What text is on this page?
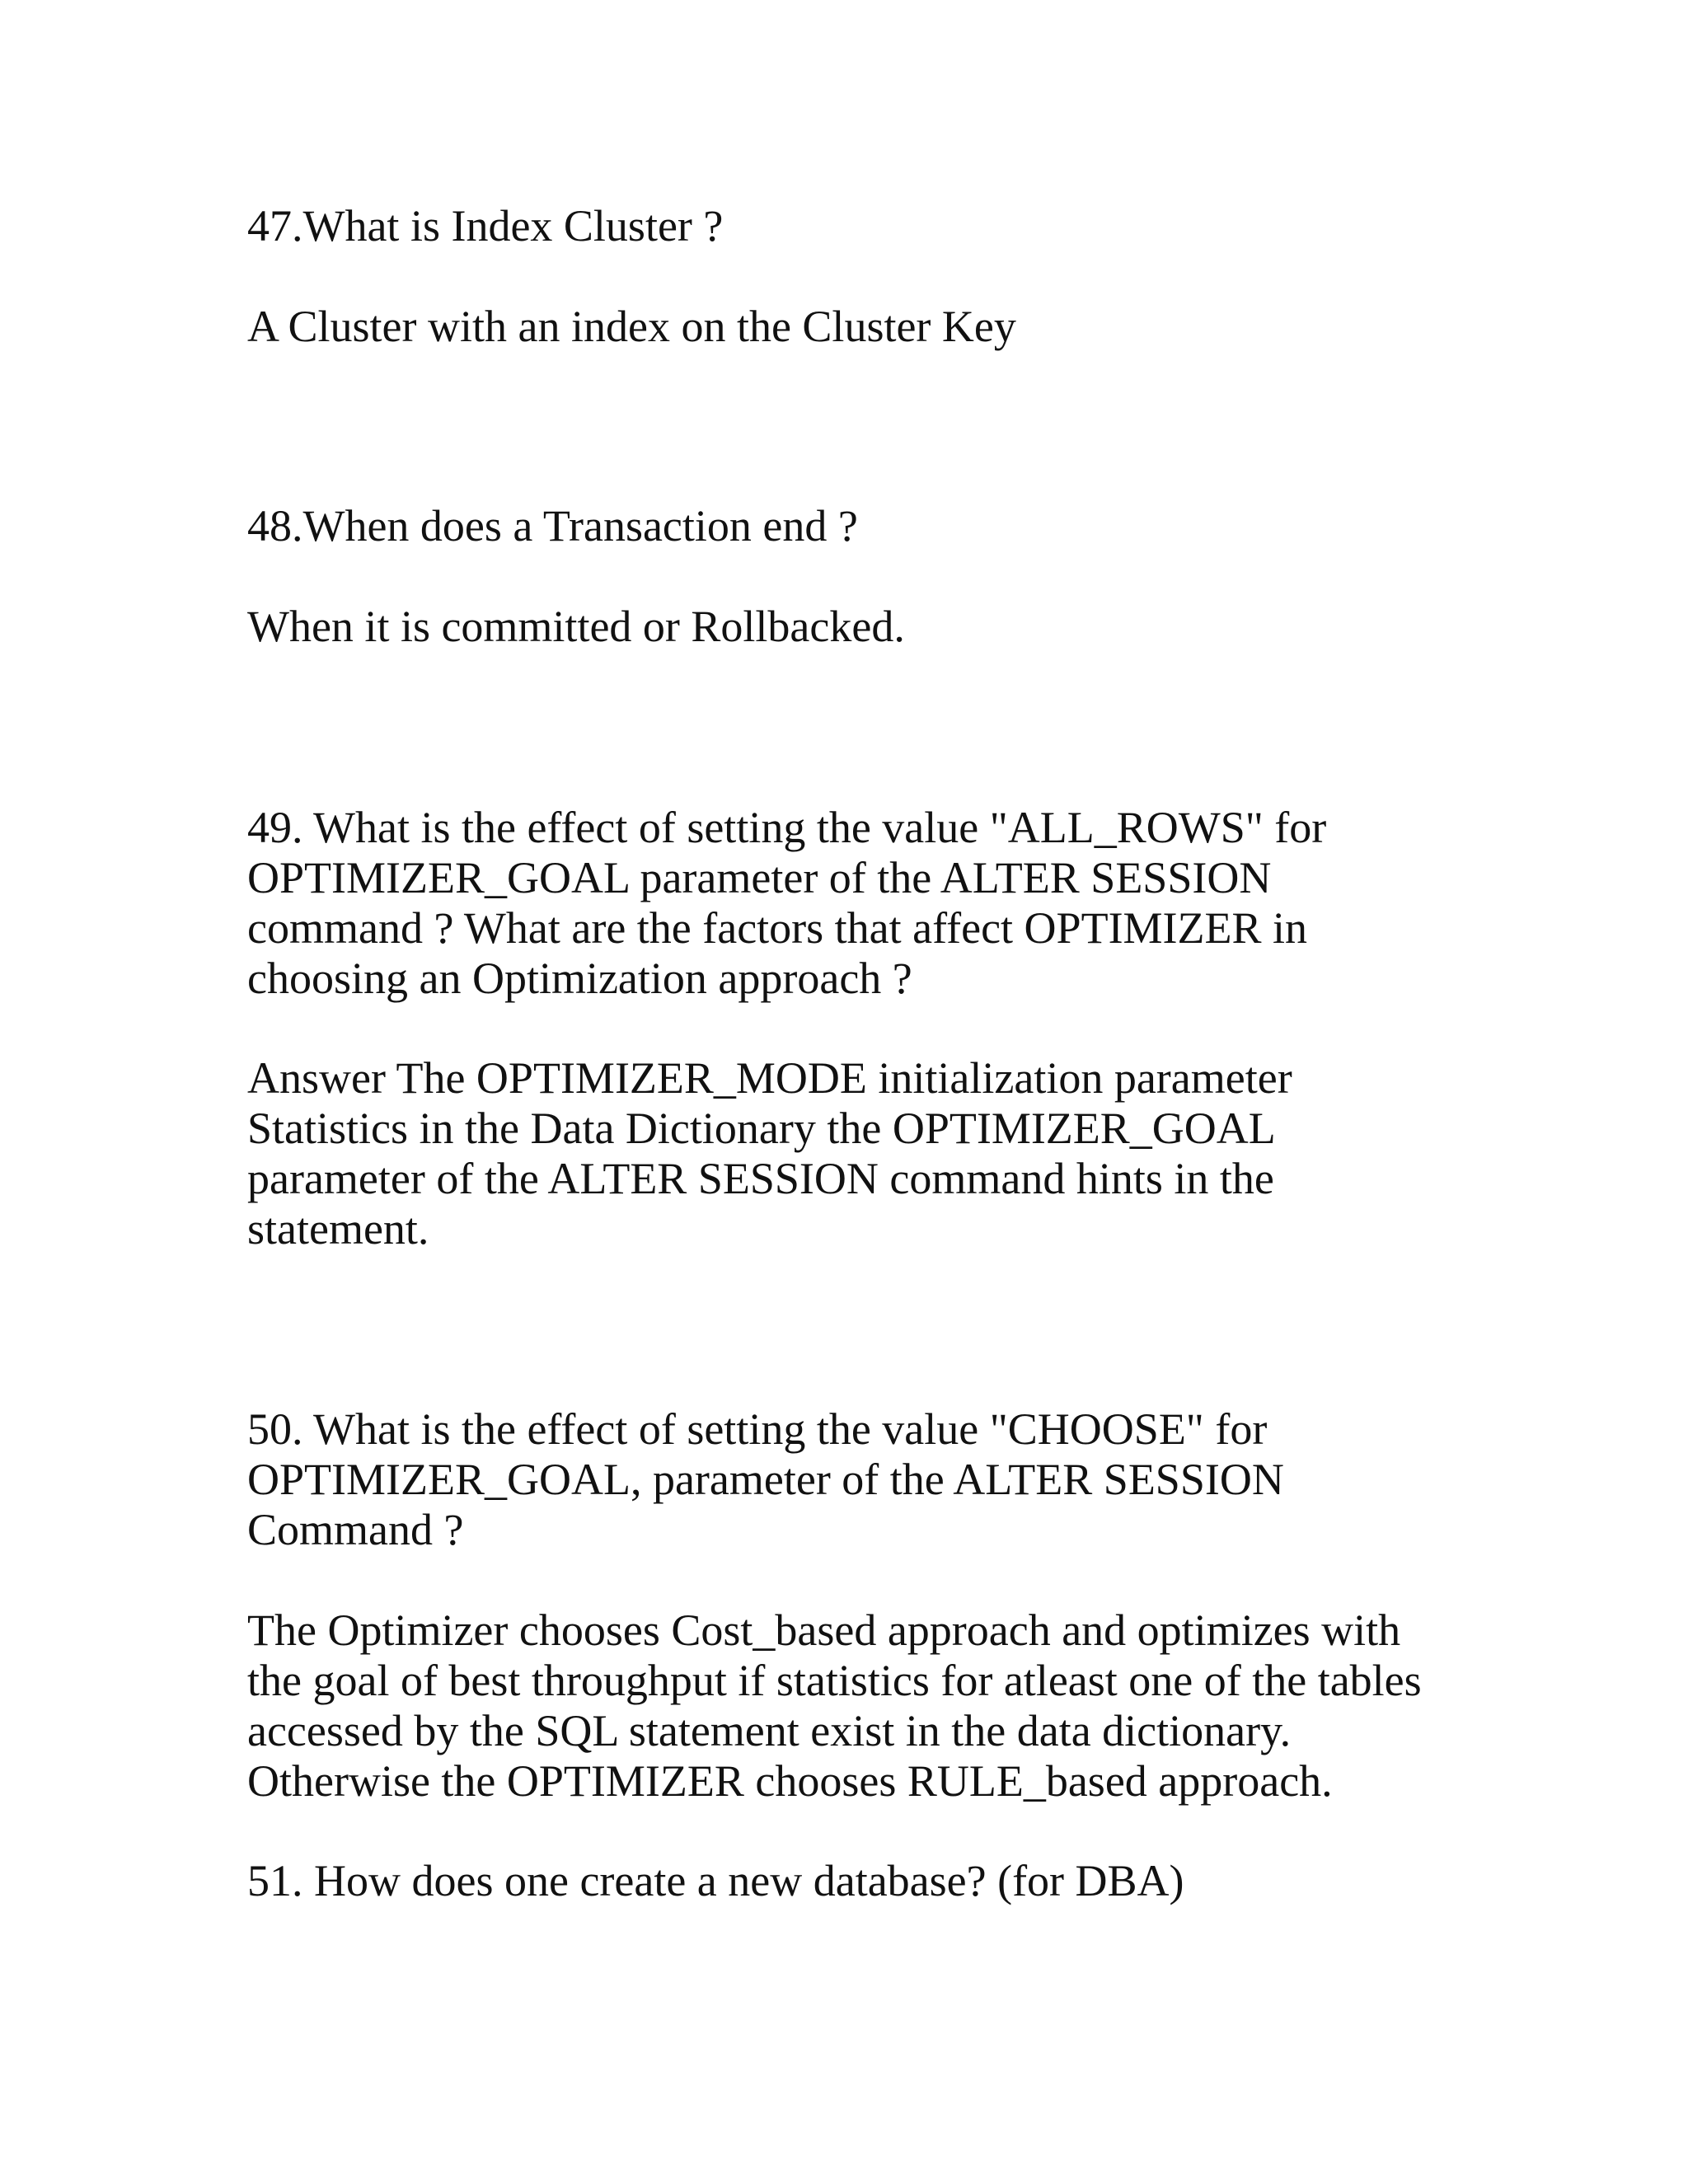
47.What is Index Cluster ?

A Cluster with an index on the Cluster Key

48.When does a Transaction end ?

When it is committed or Rollbacked.

49. What is the effect of setting the value "ALL_ROWS" for

OPTIMIZER_GOAL parameter of the ALTER SESSION

command ? What are the factors that affect OPTIMIZER in

choosing an Optimization approach ?

Answer The OPTIMIZER_MODE initialization parameter

Statistics in the Data Dictionary the OPTIMIZER_GOAL

parameter of the ALTER SESSION command hints in the

statement.

50. What is the effect of setting the value "CHOOSE" for

OPTIMIZER_GOAL, parameter of the ALTER SESSION

Command ?

The Optimizer chooses Cost_based approach and optimizes with

the goal of best throughput if statistics for atleast one of the tables

accessed by the SQL statement exist in the data dictionary.

Otherwise the OPTIMIZER chooses RULE_based approach.

51. How does one create a new database? (for DBA)
